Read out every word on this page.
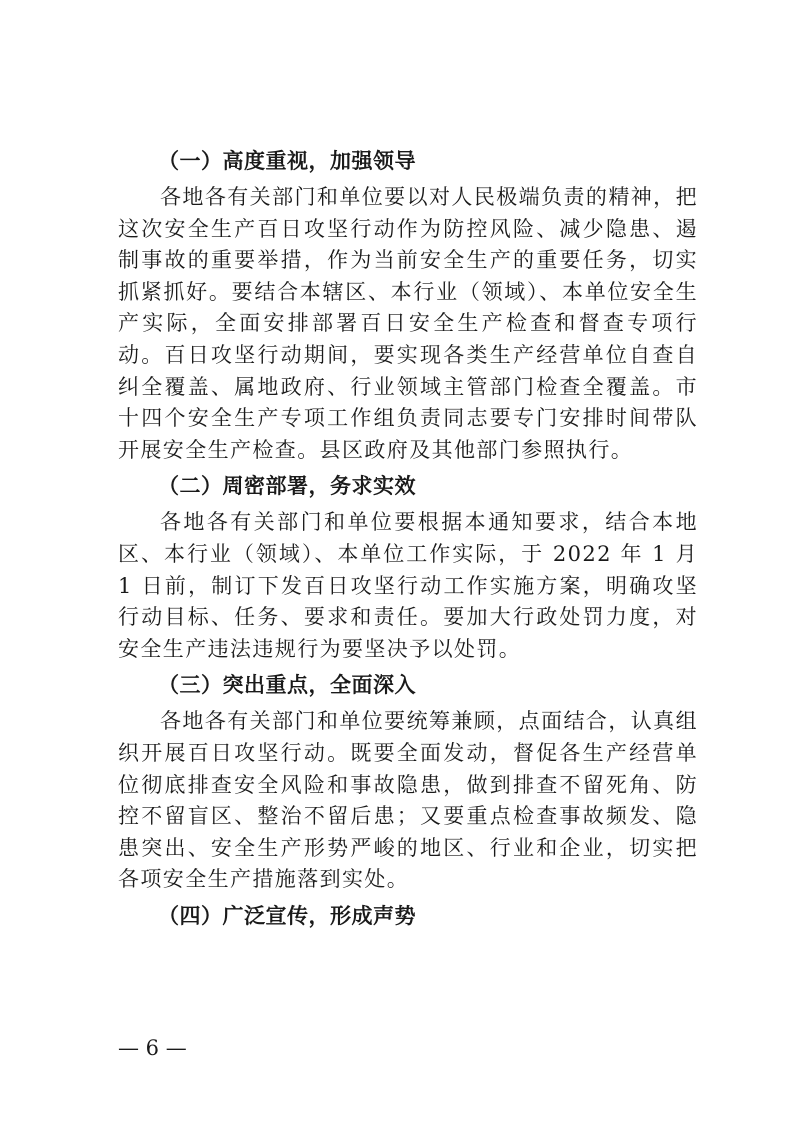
（一）高度重视，加强领导

各地各有关部门和单位要以对人民极端负责的精神，把这次安全生产百日攻坚行动作为防控风险、减少隐患、遏制事故的重要举措，作为当前安全生产的重要任务，切实抓紧抓好。要结合本辖区、本行业（领域）、本单位安全生产实际，全面安排部署百日安全生产检查和督查专项行动。百日攻坚行动期间，要实现各类生产经营单位自查自纠全覆盖、属地政府、行业领域主管部门检查全覆盖。市十四个安全生产专项工作组负责同志要专门安排时间带队开展安全生产检查。县区政府及其他部门参照执行。

（二）周密部署，务求实效

各地各有关部门和单位要根据本通知要求，结合本地区、本行业（领域）、本单位工作实际，于 2022 年 1 月 1 日前，制订下发百日攻坚行动工作实施方案，明确攻坚行动目标、任务、要求和责任。要加大行政处罚力度，对安全生产违法违规行为要坚决予以处罚。

（三）突出重点，全面深入

各地各有关部门和单位要统筹兼顾，点面结合，认真组织开展百日攻坚行动。既要全面发动，督促各生产经营单位彻底排查安全风险和事故隐患，做到排查不留死角、防控不留盲区、整治不留后患；又要重点检查事故频发、隐患突出、安全生产形势严峻的地区、行业和企业，切实把各项安全生产措施落到实处。

（四）广泛宣传，形成声势
— 6 —
